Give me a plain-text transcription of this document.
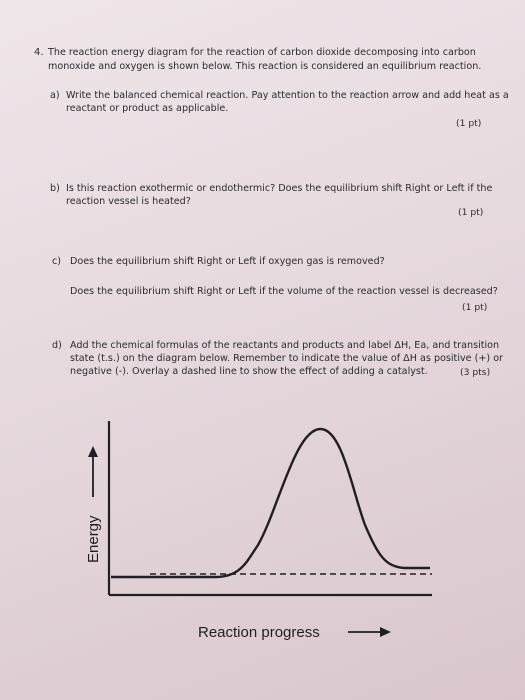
4. The reaction energy diagram for the reaction of carbon dioxide decomposing into carbon
monoxide and oxygen is shown below. This reaction is considered an equilibrium reaction.
a) Write the balanced chemical reaction. Pay attention to the reaction arrow and add heat as a
reactant or product as applicable.
(1 pt)
b) Is this reaction exothermic or endothermic? Does the equilibrium shift Right or Left if the
reaction vessel is heated?
(1 pt)
c) Does the equilibrium shift Right or Left if oxygen gas is removed?
Does the equilibrium shift Right or Left if the volume of the reaction vessel is decreased?
(1 pt)
d) Add the chemical formulas of the reactants and products and label ΔH, Ea, and transition
state (t.s.) on the diagram below. Remember to indicate the value of ΔH as positive (+) or
negative (-). Overlay a dashed line to show the effect of adding a catalyst.	(3 pts)
Energy
Reaction progress
